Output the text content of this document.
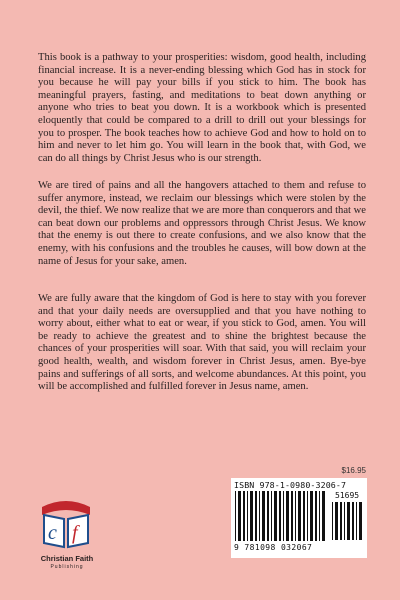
This book is a pathway to your prosperities: wisdom, good health, including financial increase. It is a never-ending blessing which God has in stock for you because he will pay your bills if you stick to him. The book has meaningful prayers, fasting, and meditations to beat down anything or anyone who tries to beat you down. It is a workbook which is presented eloquently that could be compared to a drill to drill out your blessings for you to prosper. The book teaches how to achieve God and how to hold on to him and never to let him go. You will learn in the book that, with God, we can do all things by Christ Jesus who is our strength.
We are tired of pains and all the hangovers attached to them and refuse to suffer anymore, instead, we reclaim our blessings which were stolen by the devil, the thief. We now realize that we are more than conquerors and that we can beat down our problems and oppressors through Christ Jesus. We know that the enemy is out there to create confusions, and we also know that the enemy, with his confusions and the troubles he causes, will bow down at the name of Jesus for your sake, amen.
We are fully aware that the kingdom of God is here to stay with you forever and that your daily needs are oversupplied and that you have nothing to worry about, either what to eat or wear, if you stick to God, amen. You will be ready to achieve the greatest and to shine the brightest because the chances of your prosperities will soar. With that said, you will reclaim your good health, wealth, and wisdom forever in Christ Jesus, amen. Bye-bye pains and sufferings of all sorts, and welcome abundances. At this point, you will be accomplished and fulfilled forever in Jesus name, amen.
$16.95
ISBN 978-1-0980-3206-7
51695
9 781098 032067
c f
Christian Faith
Publishing
